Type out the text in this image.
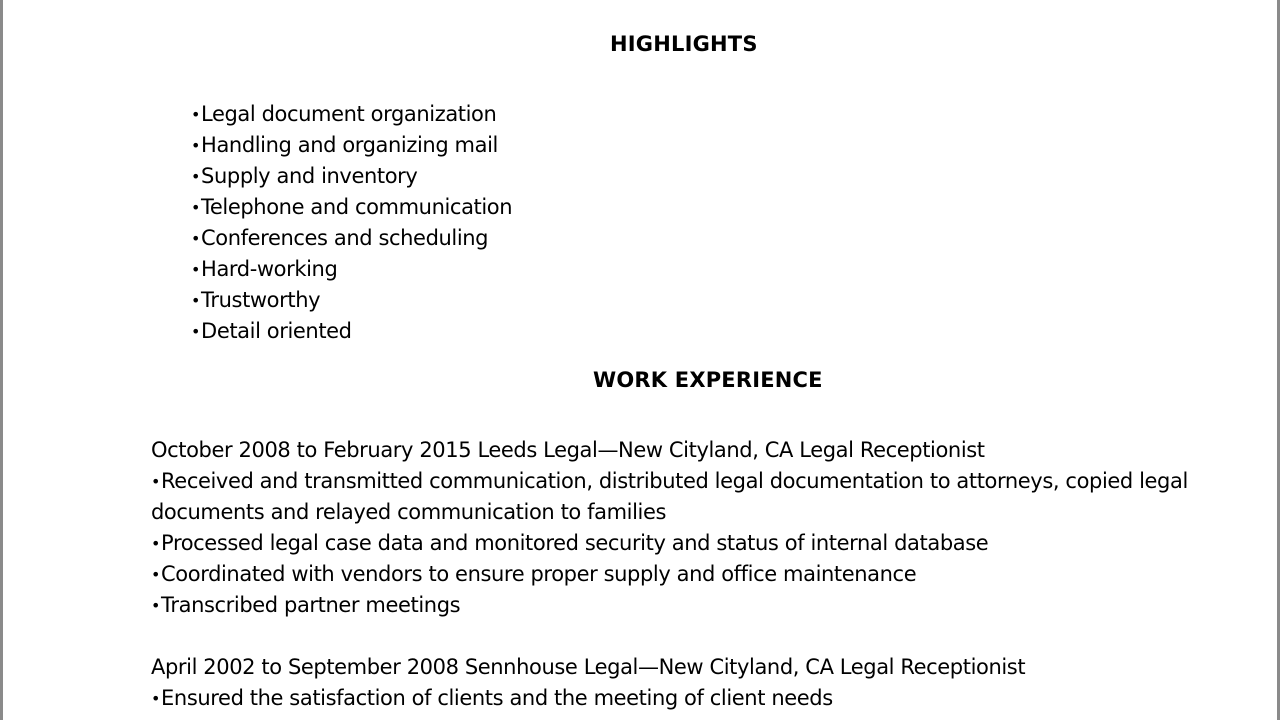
HIGHLIGHTS
•Legal document organization
•Handling and organizing mail
•Supply and inventory
•Telephone and communication
•Conferences and scheduling
•Hard-working
•Trustworthy
•Detail oriented
WORK EXPERIENCE
October 2008 to February 2015 Leeds Legal—New Cityland, CA Legal Receptionist
•Received and transmitted communication, distributed legal documentation to attorneys, copied legal documents and relayed communication to families
•Processed legal case data and monitored security and status of internal database
•Coordinated with vendors to ensure proper supply and office maintenance
•Transcribed partner meetings
April 2002 to September 2008 Sennhouse Legal—New Cityland, CA Legal Receptionist
•Ensured the satisfaction of clients and the meeting of client needs
